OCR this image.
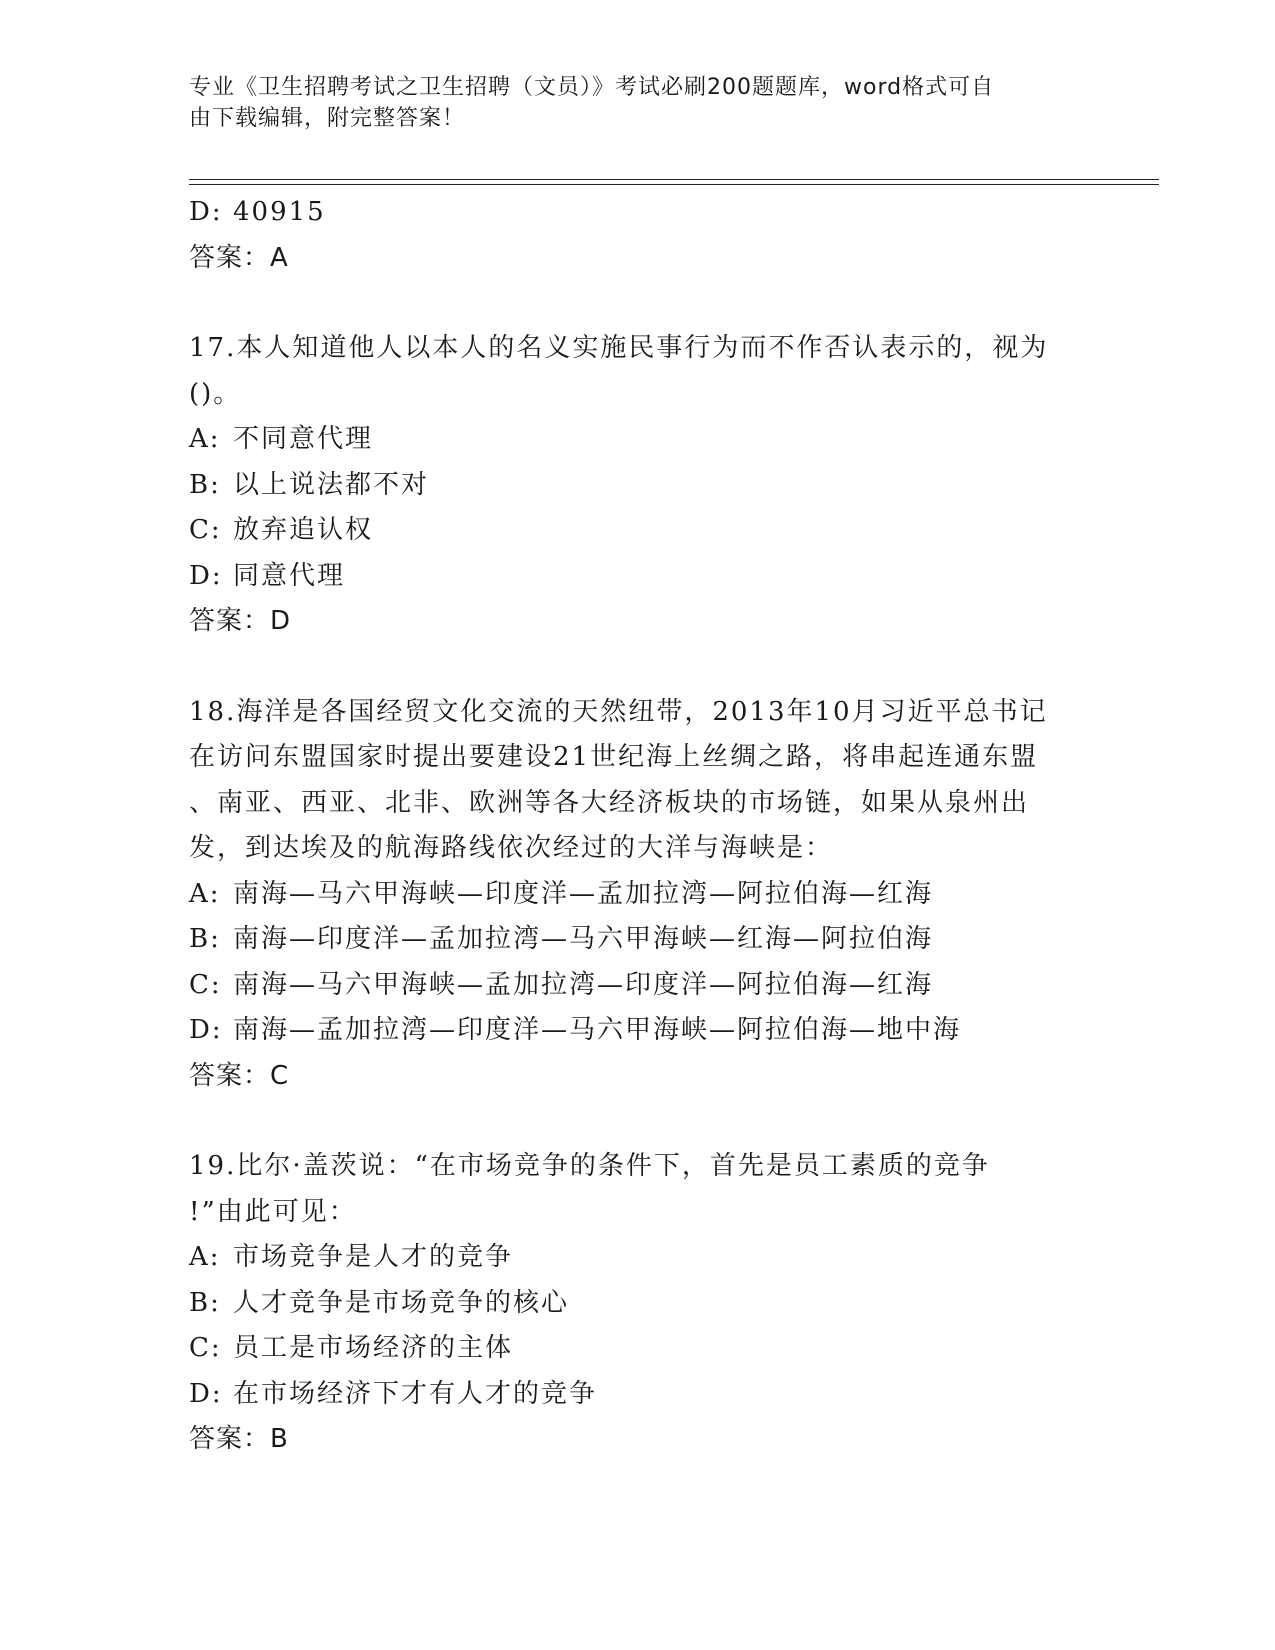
专业《卫生招聘考试之卫生招聘（文员）》考试必刷200题题库，word格式可自
由下载编辑，附完整答案！
D: 40915
答案：A
17.本人知道他人以本人的名义实施民事行为而不作否认表示的，视为
()。
A: 不同意代理
B: 以上说法都不对
C: 放弃追认权
D: 同意代理
答案：D
18.海洋是各国经贸文化交流的天然纽带，2013年10月习近平总书记
在访问东盟国家时提出要建设21世纪海上丝绸之路，将串起连通东盟
、南亚、西亚、北非、欧洲等各大经济板块的市场链，如果从泉州出
发，到达埃及的航海路线依次经过的大洋与海峡是：
A: 南海—马六甲海峡—印度洋—孟加拉湾—阿拉伯海—红海
B: 南海—印度洋—孟加拉湾—马六甲海峡—红海—阿拉伯海
C: 南海—马六甲海峡—孟加拉湾—印度洋—阿拉伯海—红海
D: 南海—孟加拉湾—印度洋—马六甲海峡—阿拉伯海—地中海
答案：C
19.比尔·盖茨说：“在市场竞争的条件下，首先是员工素质的竞争
!”由此可见：
A: 市场竞争是人才的竞争
B: 人才竞争是市场竞争的核心
C: 员工是市场经济的主体
D: 在市场经济下才有人才的竞争
答案：B
